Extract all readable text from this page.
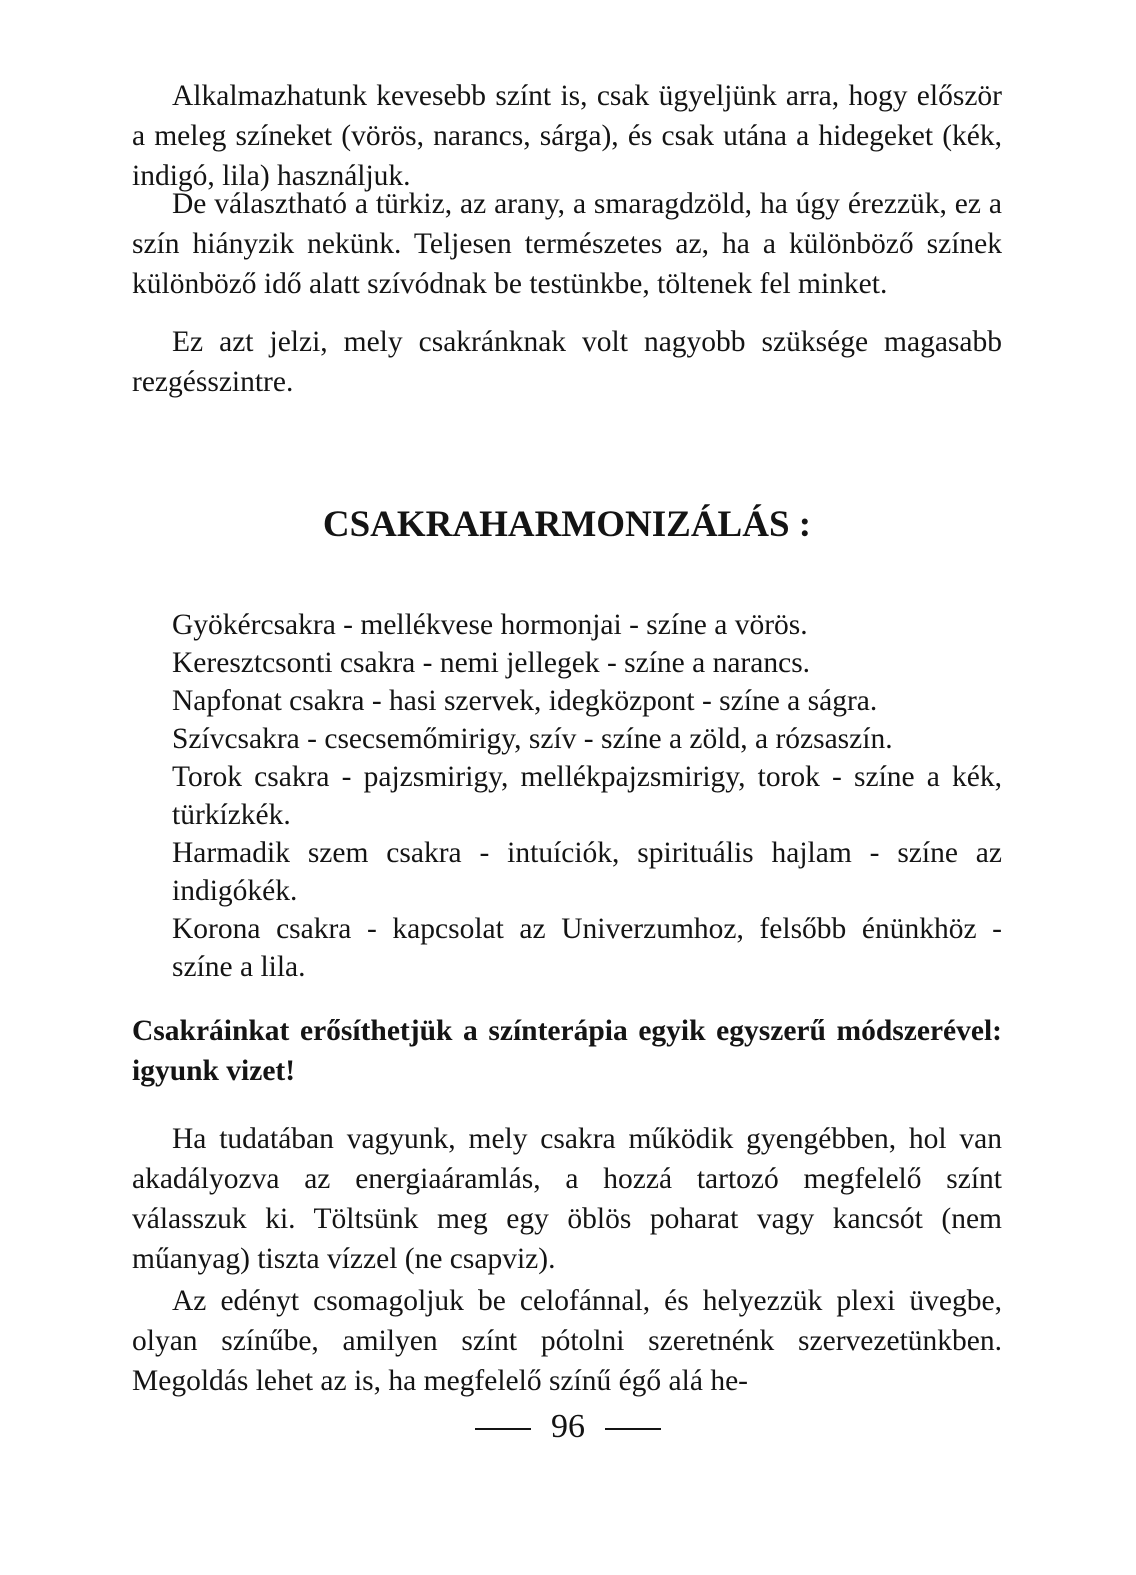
Alkalmazhatunk kevesebb színt is, csak ügyeljünk arra, hogy először a meleg színeket (vörös, narancs, sárga), és csak utána a hidegeket (kék, indigó, lila) használjuk.

De választható a türkiz, az arany, a smaragdzöld, ha úgy érezzük, ez a szín hiányzik nekünk. Teljesen természetes az, ha a különböző színek különböző idő alatt szívódnak be testünkbe, töltenek fel minket.

Ez azt jelzi, mely csakránknak volt nagyobb szüksége magasabb rezgésszintre.

CSAKRAHARMONIZÁLÁS :

Gyökércsakra - mellékvese hormonjai - színe a vörös.

Keresztcsonti csakra - nemi jellegek - színe a narancs.

Napfonat csakra - hasi szervek, idegközpont - színe a ságra.

Szívcsakra - csecsemőmirigy, szív - színe a zöld, a rózsaszín.

Torok csakra - pajzsmirigy, mellékpajzsmirigy, torok - színe a kék, türkízkék.

Harmadik szem csakra - intuíciók, spirituális hajlam - színe az indigókék.

Korona csakra - kapcsolat az Univerzumhoz, felsőbb énünkhöz - színe a lila.

Csakráinkat erősíthetjük a színterápia egyik egyszerű módszerével: igyunk vizet!

Ha tudatában vagyunk, mely csakra működik gyengébben, hol van akadályozva az energiaáramlás, a hozzá tartozó megfelelő színt válasszuk ki. Töltsünk meg egy öblös poharat vagy kancsót (nem műanyag) tiszta vízzel (ne csapviz).

Az edényt csomagoljuk be celofánnal, és helyezzük plexi üvegbe, olyan színűbe, amilyen színt pótolni szeretnénk szervezetünkben. Megoldás lehet az is, ha megfelelő színű égő alá he-

96
